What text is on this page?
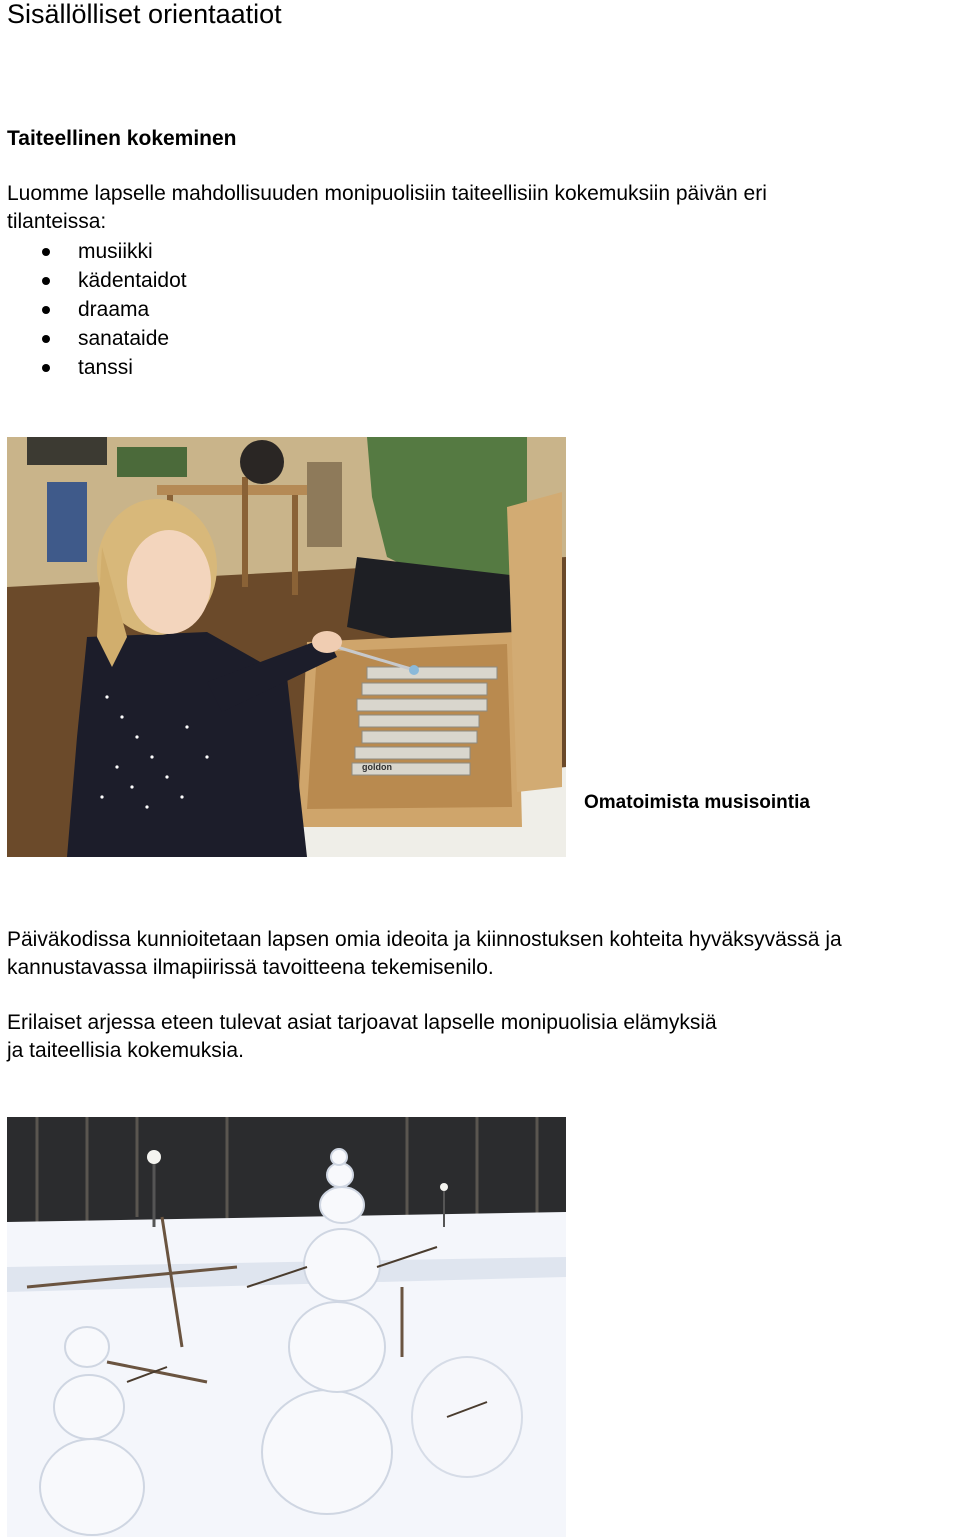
Sisällölliset orientaatiot
Taiteellinen kokeminen
Luomme lapselle mahdollisuuden monipuolisiin taiteellisiin kokemuksiin päivän eri
tilanteissa:
musiikki
kädentaidot
draama
sanataide
tanssi
goldon
Omatoimista musisointia
Päiväkodissa kunnioitetaan lapsen omia ideoita ja kiinnostuksen kohteita hyväksyvässä ja
kannustavassa ilmapiirissä tavoitteena tekemisenilo.
Erilaiset arjessa eteen tulevat asiat tarjoavat lapselle monipuolisia elämyksiä
ja taiteellisia kokemuksia.
